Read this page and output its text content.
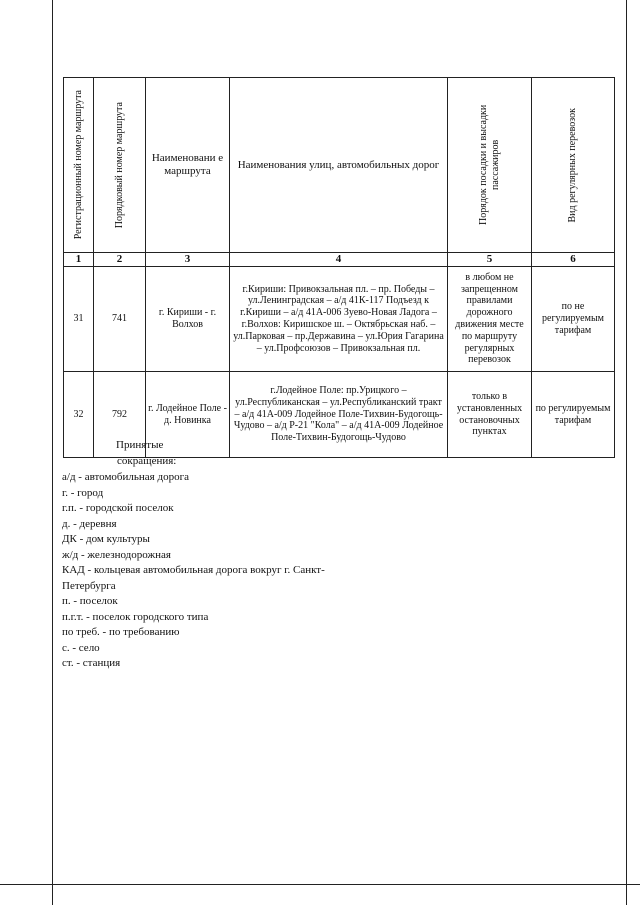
Регистрационный номер маршрута	Порядковый номер маршрута	Наименовани е маршрута	Наименования улиц, автомобильных дорог	Порядок посадки и высадки пассажиров	Вид регулярных перевозок

1	2	3	4	5	6
31	741	г. Кириши - г. Волхов	г.Кириши: Привокзальная пл. – пр. Победы – ул.Ленинградская – а/д 41К-117 Подъезд к г.Кириши – а/д 41А-006 Зуево-Новая Ладога – г.Волхов: Киришское ш. – Октябрьская наб. – ул.Парковая – пр.Державина – ул.Юрия Гагарина – ул.Профсоюзов – Привокзальная пл.	в любом не запрещенном правилами дорожного движения месте по маршруту регулярных перевозок	по не регулируемым тарифам
32	792	г. Лодейное Поле - д. Новинка	г.Лодейное Поле: пр.Урицкого – ул.Республиканская – ул.Республиканский тракт – а/д 41А-009 Лодейное Поле-Тихвин-Будогощь-Чудово – а/д Р-21 "Кола" – а/д 41А-009 Лодейное Поле-Тихвин-Будогощь-Чудово	только в установленных остановочных пунктах	по регулируемым тарифам
Принятые
сокращения:
а/д - автомобильная дорога
г. - город
г.п. - городской поселок
д. - деревня
ДК - дом культуры
ж/д - железнодорожная
КАД - кольцевая автомобильная дорога вокруг г. Санкт-Петербурга
п. - поселок
п.г.т. - поселок городского типа
по треб. - по требованию
с. - село
ст. - станция
